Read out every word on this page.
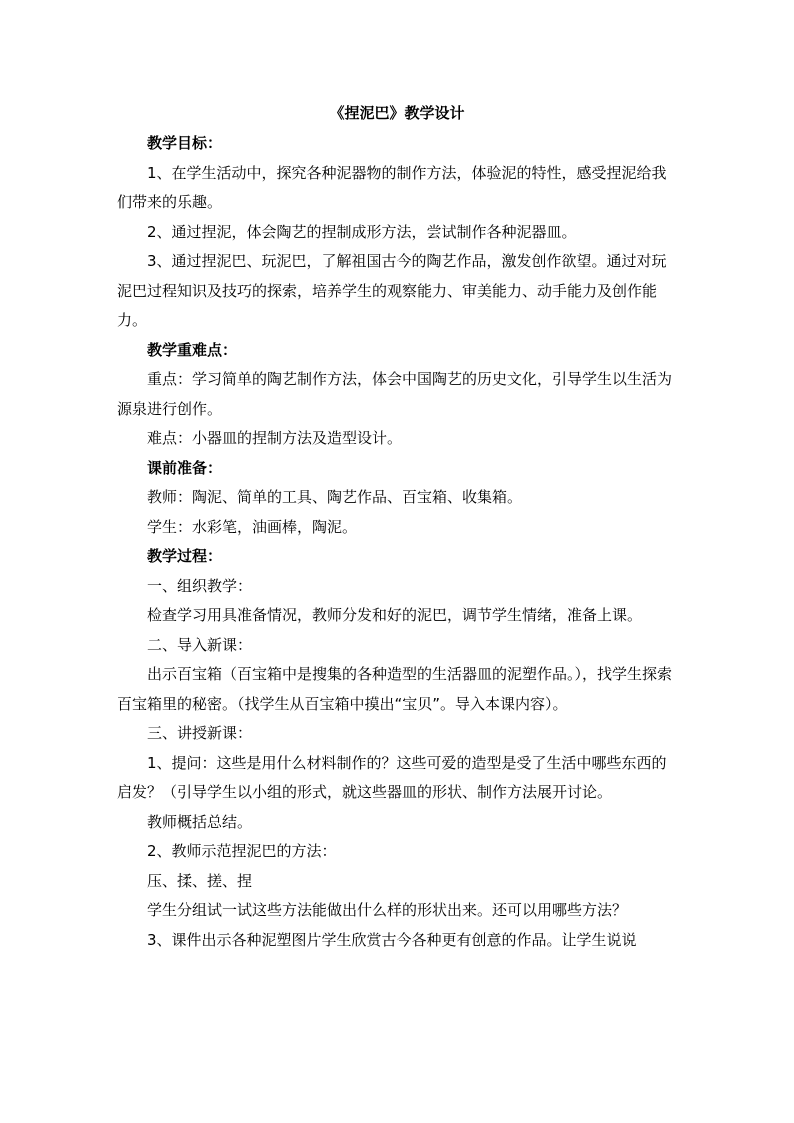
《捏泥巴》教学设计

教学目标：

1、在学生活动中，探究各种泥器物的制作方法，体验泥的特性，感受捏泥给我们带来的乐趣。

2、通过捏泥，体会陶艺的捏制成形方法，尝试制作各种泥器皿。

3、通过捏泥巴、玩泥巴，了解祖国古今的陶艺作品，激发创作欲望。通过对玩泥巴过程知识及技巧的探索，培养学生的观察能力、审美能力、动手能力及创作能力。

教学重难点：

重点：学习简单的陶艺制作方法，体会中国陶艺的历史文化，引导学生以生活为源泉进行创作。

难点：小器皿的捏制方法及造型设计。

课前准备：

教师：陶泥、简单的工具、陶艺作品、百宝箱、收集箱。

学生：水彩笔，油画棒，陶泥。

教学过程：

一、组织教学：

检查学习用具准备情况，教师分发和好的泥巴，调节学生情绪，准备上课。

二、导入新课：

出示百宝箱（百宝箱中是搜集的各种造型的生活器皿的泥塑作品。），找学生探索百宝箱里的秘密。（找学生从百宝箱中摸出“宝贝”。导入本课内容）。

三、讲授新课：

1、提问：这些是用什么材料制作的？这些可爱的造型是受了生活中哪些东西的启发？（引导学生以小组的形式，就这些器皿的形状、制作方法展开讨论。

教师概括总结。

2、教师示范捏泥巴的方法：

压、揉、搓、捏

学生分组试一试这些方法能做出什么样的形状出来。还可以用哪些方法？

3、课件出示各种泥塑图片学生欣赏古今各种更有创意的作品。让学生说说
